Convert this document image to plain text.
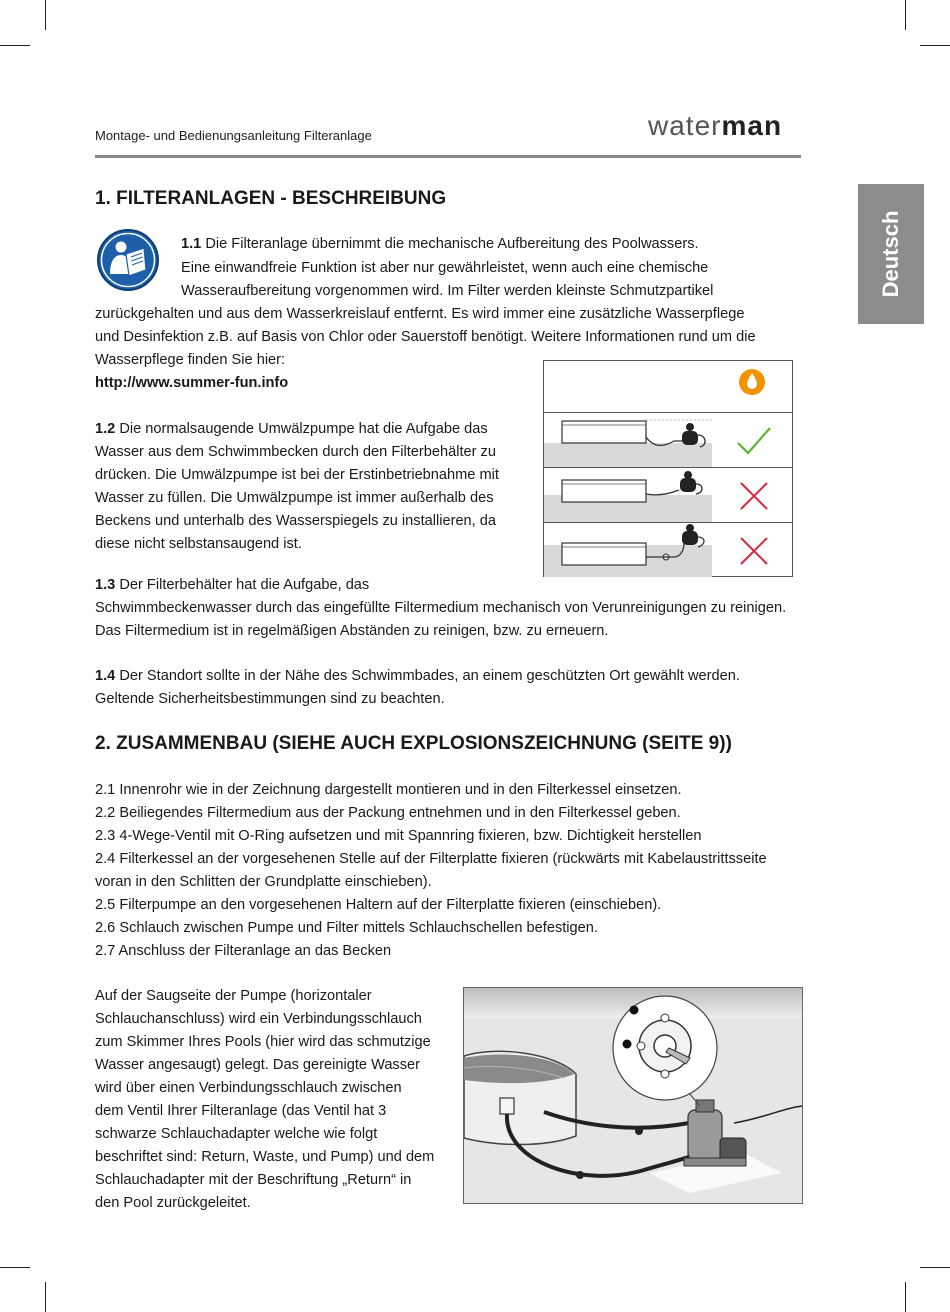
Montage- und Bedienungsanleitung Filteranlage	waterman
Deutsch
1. FILTERANLAGEN - BESCHREIBUNG

1.1 Die Filteranlage übernimmt die mechanische Aufbereitung des Poolwassers.

Eine einwandfreie Funktion ist aber nur gewährleistet, wenn auch eine chemische

Wasseraufbereitung vorgenommen wird. Im Filter werden kleinste Schmutzpartikel

zurückgehalten und aus dem Wasserkreislauf entfernt. Es wird immer eine zusätzliche Wasserpflege

und Desinfektion z.B. auf Basis von Chlor oder Sauerstoff benötigt. Weitere Informationen rund um die

Wasserpflege finden Sie hier:

http://www.summer-fun.info

1.2 Die normalsaugende Umwälzpumpe hat die Aufgabe das

Wasser aus dem Schwimmbecken durch den Filterbehälter zu

drücken. Die Umwälzpumpe ist bei der Erstinbetriebnahme mit

Wasser zu füllen. Die Umwälzpumpe ist immer außerhalb des

Beckens und unterhalb des Wasserspiegels zu installieren, da

diese nicht selbstansaugend ist.

1.3 Der Filterbehälter hat die Aufgabe, das

Schwimmbeckenwasser durch das eingefüllte Filtermedium mechanisch von Verunreinigungen zu reinigen.

Das Filtermedium ist in regelmäßigen Abständen zu reinigen, bzw. zu erneuern.

1.4 Der Standort sollte in der Nähe des Schwimmbades, an einem geschützten Ort gewählt werden.

Geltende Sicherheitsbestimmungen sind zu beachten.

2. ZUSAMMENBAU (SIEHE AUCH EXPLOSIONSZEICHNUNG (SEITE 9))

2.1 Innenrohr wie in der Zeichnung dargestellt montieren und in den Filterkessel einsetzen.

2.2 Beiliegendes Filtermedium aus der Packung entnehmen und in den Filterkessel geben.

2.3 4-Wege-Ventil mit O-Ring aufsetzen und mit Spannring fixieren, bzw. Dichtigkeit herstellen

2.4 Filterkessel an der vorgesehenen Stelle auf der Filterplatte fixieren (rückwärts mit Kabelaustrittsseite

voran in den Schlitten der Grundplatte einschieben).

2.5 Filterpumpe an den vorgesehenen Haltern auf der Filterplatte fixieren (einschieben).

2.6 Schlauch zwischen Pumpe und Filter mittels Schlauchschellen befestigen.

2.7 Anschluss der Filteranlage an das Becken

Auf der Saugseite der Pumpe (horizontaler

Schlauchanschluss) wird ein Verbindungsschlauch

zum Skimmer Ihres Pools (hier wird das schmutzige

Wasser angesaugt) gelegt. Das gereinigte Wasser

wird über einen Verbindungsschlauch zwischen

dem Ventil Ihrer Filteranlage (das Ventil hat 3

schwarze Schlauchadapter welche wie folgt

beschriftet sind: Return, Waste, und Pump) und dem

Schlauchadapter mit der Beschriftung „Return“ in

den Pool zurückgeleitet.
